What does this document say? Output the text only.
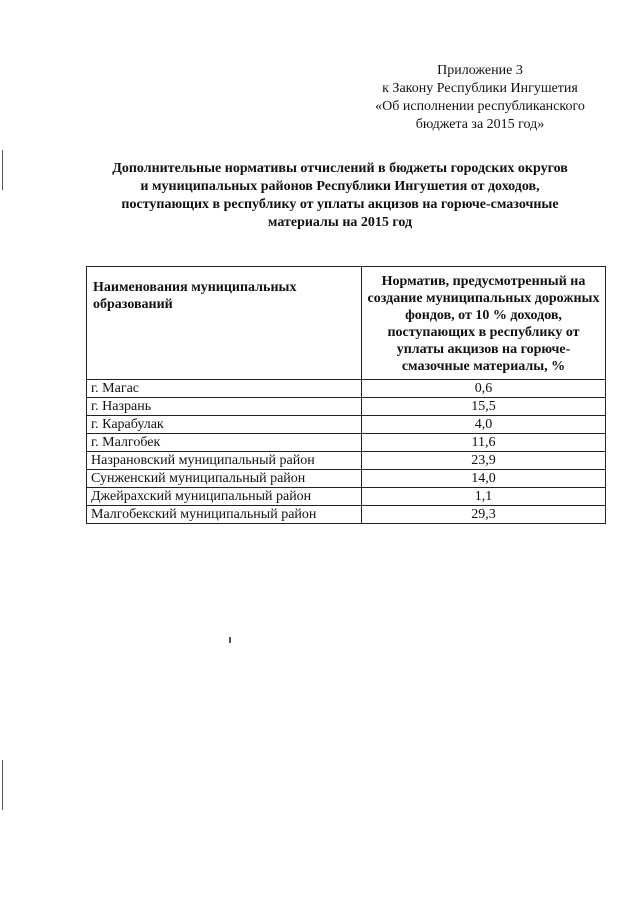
Приложение 3
к Закону Республики Ингушетия
«Об исполнении республиканского
бюджета за 2015 год»
Дополнительные нормативы отчислений в бюджеты городских округов
и муниципальных районов Республики Ингушетия от доходов,
поступающих в республику от уплаты акцизов на горюче-смазочные
материалы на 2015 год
Наименования муниципальных образований	Норматив, предусмотренный на создание муниципальных дорожных фондов, от 10 % доходов, поступающих в республику от уплаты акцизов на горюче-смазочные материалы, %
г. Магас	0,6
г. Назрань	15,5
г. Карабулак	4,0
г. Малгобек	11,6
Назрановский муниципальный район	23,9
Сунженский муниципальный район	14,0
Джейрахский муниципальный район	1,1
Малгобекский муниципальный район	29,3
